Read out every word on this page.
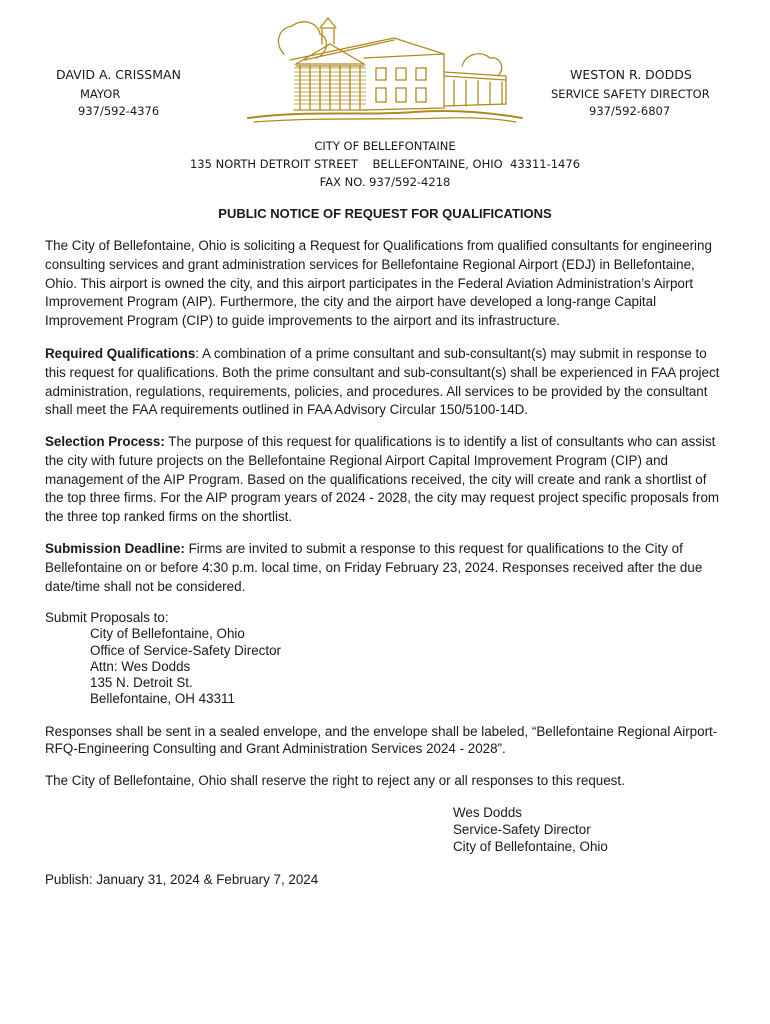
DAVID A. CRISSMAN
MAYOR
937/592-4376
WESTON R. DODDS
SERVICE SAFETY DIRECTOR
937/592-6807
CITY OF BELLEFONTAINE
135 NORTH DETROIT STREET    BELLEFONTAINE, OHIO  43311-1476
FAX NO. 937/592-4218
PUBLIC NOTICE OF REQUEST FOR QUALIFICATIONS

The City of Bellefontaine, Ohio is soliciting a Request for Qualifications from qualified consultants for engineering consulting services and grant administration services for Bellefontaine Regional Airport (EDJ) in Bellefontaine, Ohio. This airport is owned the city, and this airport participates in the Federal Aviation Administration’s Airport Improvement Program (AIP). Furthermore, the city and the airport have developed a long-range Capital Improvement Program (CIP) to guide improvements to the airport and its infrastructure.

Required Qualifications: A combination of a prime consultant and sub-consultant(s) may submit in response to this request for qualifications. Both the prime consultant and sub-consultant(s) shall be experienced in FAA project administration, regulations, requirements, policies, and procedures. All services to be provided by the consultant shall meet the FAA requirements outlined in FAA Advisory Circular 150/5100-14D.

Selection Process: The purpose of this request for qualifications is to identify a list of consultants who can assist the city with future projects on the Bellefontaine Regional Airport Capital Improvement Program (CIP) and management of the AIP Program. Based on the qualifications received, the city will create and rank a shortlist of the top three firms. For the AIP program years of 2024 - 2028, the city may request project specific proposals from the three top ranked firms on the shortlist.

Submission Deadline: Firms are invited to submit a response to this request for qualifications to the City of Bellefontaine on or before 4:30 p.m. local time, on Friday February 23, 2024. Responses received after the due date/time shall not be considered.

Submit Proposals to:
City of Bellefontaine, Ohio
Office of Service-Safety Director
Attn: Wes Dodds
135 N. Detroit St.
Bellefontaine, OH 43311

Responses shall be sent in a sealed envelope, and the envelope shall be labeled, “Bellefontaine Regional Airport-RFQ-Engineering Consulting and Grant Administration Services 2024 - 2028”.

The City of Bellefontaine, Ohio shall reserve the right to reject any or all responses to this request.

Wes Dodds
Service-Safety Director
City of Bellefontaine, Ohio
Publish: January 31, 2024 & February 7, 2024
